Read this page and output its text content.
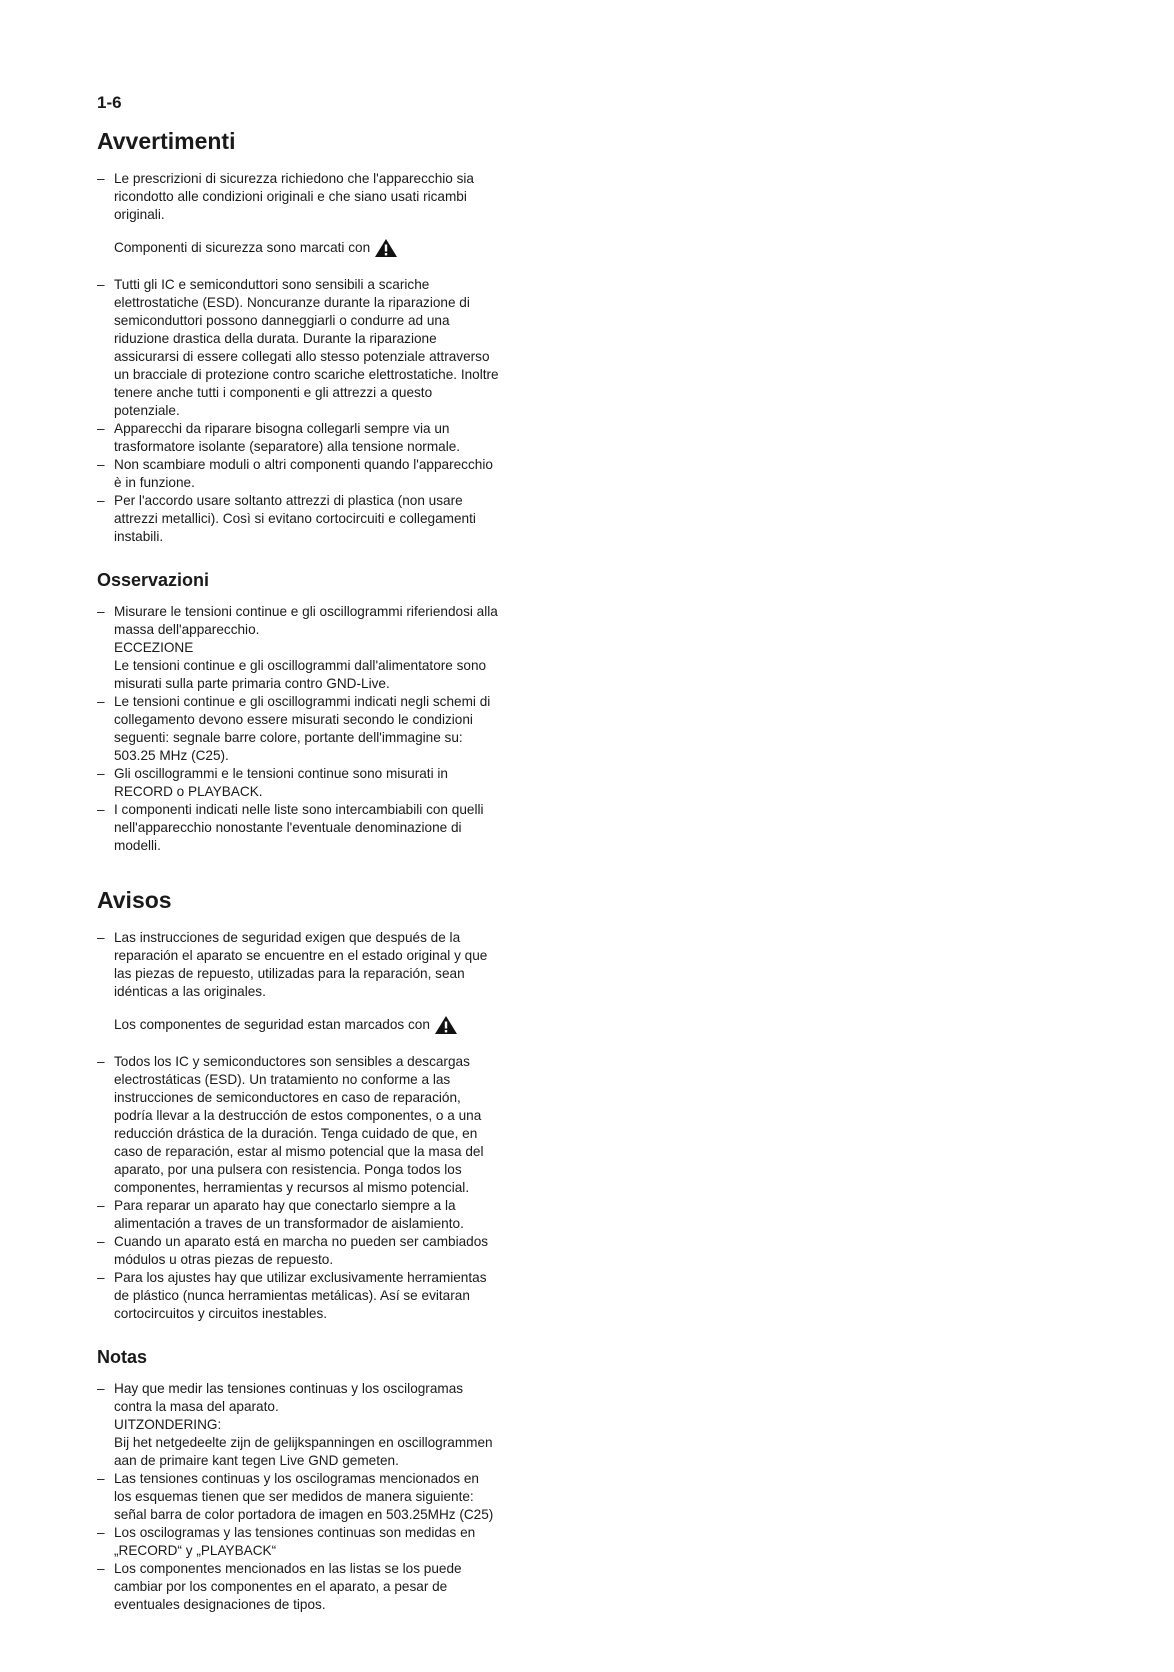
1-6
Avvertimenti
– Le prescrizioni di sicurezza richiedono che l'apparecchio sia
ricondotto alle condizioni originali e che siano usati ricambi
originali.
Componenti di sicurezza sono marcati con
– Tutti gli IC e semiconduttori sono sensibili a scariche
elettrostatiche (ESD). Noncuranze durante la riparazione di
semiconduttori possono danneggiarli o condurre ad una
riduzione drastica della durata. Durante la riparazione
assicurarsi di essere collegati allo stesso potenziale attraverso
un bracciale di protezione contro scariche elettrostatiche. Inoltre
tenere anche tutti i componenti e gli attrezzi a questo
potenziale.
– Apparecchi da riparare bisogna collegarli sempre via un
trasformatore isolante (separatore) alla tensione normale.
– Non scambiare moduli o altri componenti quando l'apparecchio
è in funzione.
– Per l'accordo usare soltanto attrezzi di plastica (non usare
attrezzi metallici). Così si evitano cortocircuiti e collegamenti
instabili.
Osservazioni
– Misurare le tensioni continue e gli oscillogrammi riferiendosi alla
massa dell'apparecchio.
ECCEZIONE
Le tensioni continue e gli oscillogrammi dall'alimentatore sono
misurati sulla parte primaria contro GND-Live.
– Le tensioni continue e gli oscillogrammi indicati negli schemi di
collegamento devono essere misurati secondo le condizioni
seguenti: segnale barre colore, portante dell'immagine su:
503.25 MHz (C25).
– Gli oscillogrammi e le tensioni continue sono misurati in
RECORD o PLAYBACK.
– I componenti indicati nelle liste sono intercambiabili con quelli
nell'apparecchio nonostante l'eventuale denominazione di
modelli.
Avisos
– Las instrucciones de seguridad exigen que después de la
reparación el aparato se encuentre en el estado original y que
las piezas de repuesto, utilizadas para la reparación, sean
idénticas a las originales.
Los componentes de seguridad estan marcados con
– Todos los IC y semiconductores son sensibles a descargas
electrostáticas (ESD). Un tratamiento no conforme a las
instrucciones de semiconductores en caso de reparación,
podría llevar a la destrucción de estos componentes, o a una
reducción drástica de la duración. Tenga cuidado de que, en
caso de reparación, estar al mismo potencial que la masa del
aparato, por una pulsera con resistencia. Ponga todos los
componentes, herramientas y recursos al mismo potencial.
– Para reparar un aparato hay que conectarlo siempre a la
alimentación a traves de un transformador de aislamiento.
– Cuando un aparato está en marcha no pueden ser cambiados
módulos u otras piezas de repuesto.
– Para los ajustes hay que utilizar exclusivamente herramientas
de plástico (nunca herramientas metálicas). Así se evitaran
cortocircuitos y circuitos inestables.
Notas
– Hay que medir las tensiones continuas y los oscilogramas
contra la masa del aparato.
UITZONDERING:
Bij het netgedeelte zijn de gelijkspanningen en oscillogrammen
aan de primaire kant tegen Live GND gemeten.
– Las tensiones continuas y los oscilogramas mencionados en
los esquemas tienen que ser medidos de manera siguiente:
señal barra de color portadora de imagen en 503.25MHz (C25)
– Los oscilogramas y las tensiones continuas son medidas en
„RECORD“ y „PLAYBACK“
– Los componentes mencionados en las listas se los puede
cambiar por los componentes en el aparato, a pesar de
eventuales designaciones de tipos.
